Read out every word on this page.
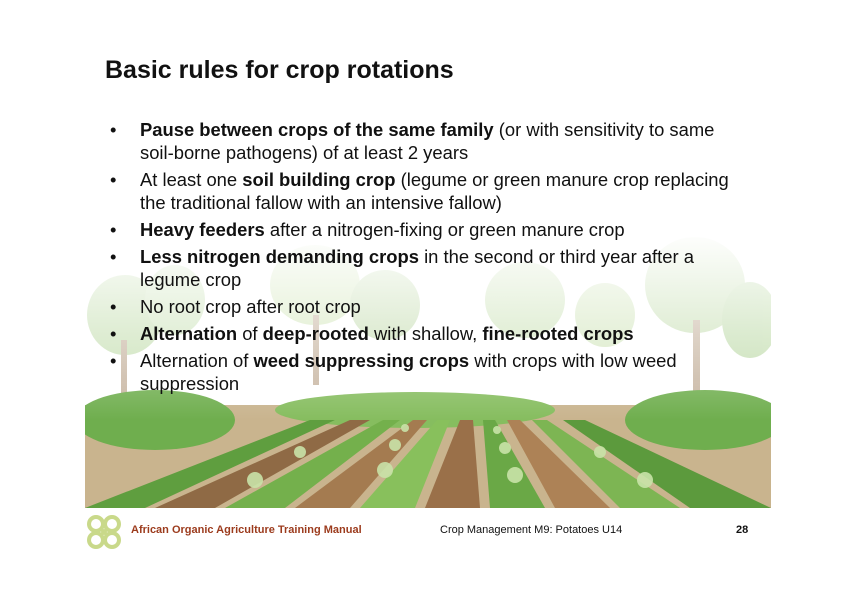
Basic rules for crop rotations
• Pause between crops of the same family (or with sensitivity to same soil-borne pathogens) of at least 2 years
• At least one soil building crop (legume or green manure crop replacing the traditional fallow with an intensive fallow)
• Heavy feeders after a nitrogen-fixing or green manure crop
• Less nitrogen demanding crops in the second or third year after a legume crop
• No root crop after root crop
• Alternation of deep-rooted with shallow, fine-rooted crops
• Alternation of weed suppressing crops with crops with low weed suppression
African Organic Agriculture Training Manual	Crop Management M9: Potatoes U14	28
